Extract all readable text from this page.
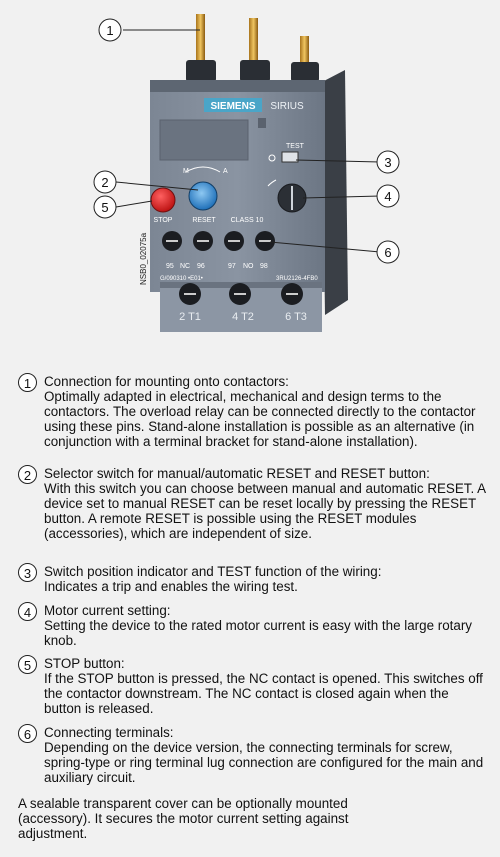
SIEMENS SIRIUS
TEST
M	A
RESET
STOP	CLASS 10
NSB0_02075a	95 NC 96	97 NO 98
G/090310 •E01•	3RU2126-4FB0
2 T1	4 T2	6 T3
1
2
3
4
5
6
1 Connection for mounting onto contactors:
Optimally adapted in electrical, mechanical and design terms to the contactors. The overload relay can be connected directly to the contactor using these pins. Stand-alone installation is possible as an alternative (in conjunction with a terminal bracket for stand-alone installation).
2 Selector switch for manual/automatic RESET and RESET button:
With this switch you can choose between manual and automatic RESET. A device set to manual RESET can be reset locally by pressing the RESET button. A remote RESET is possible using the RESET modules (accessories), which are independent of size.
3 Switch position indicator and TEST function of the wiring:
Indicates a trip and enables the wiring test.
4 Motor current setting:
Setting the device to the rated motor current is easy with the large rotary knob.
5 STOP button:
If the STOP button is pressed, the NC contact is opened. This switches off the contactor downstream. The NC contact is closed again when the button is released.
6 Connecting terminals:
Depending on the device version, the connecting terminals for screw, spring-type or ring terminal lug connection are configured for the main and auxiliary circuit.
A sealable transparent cover can be optionally mounted (accessory). It secures the motor current setting against adjustment.
